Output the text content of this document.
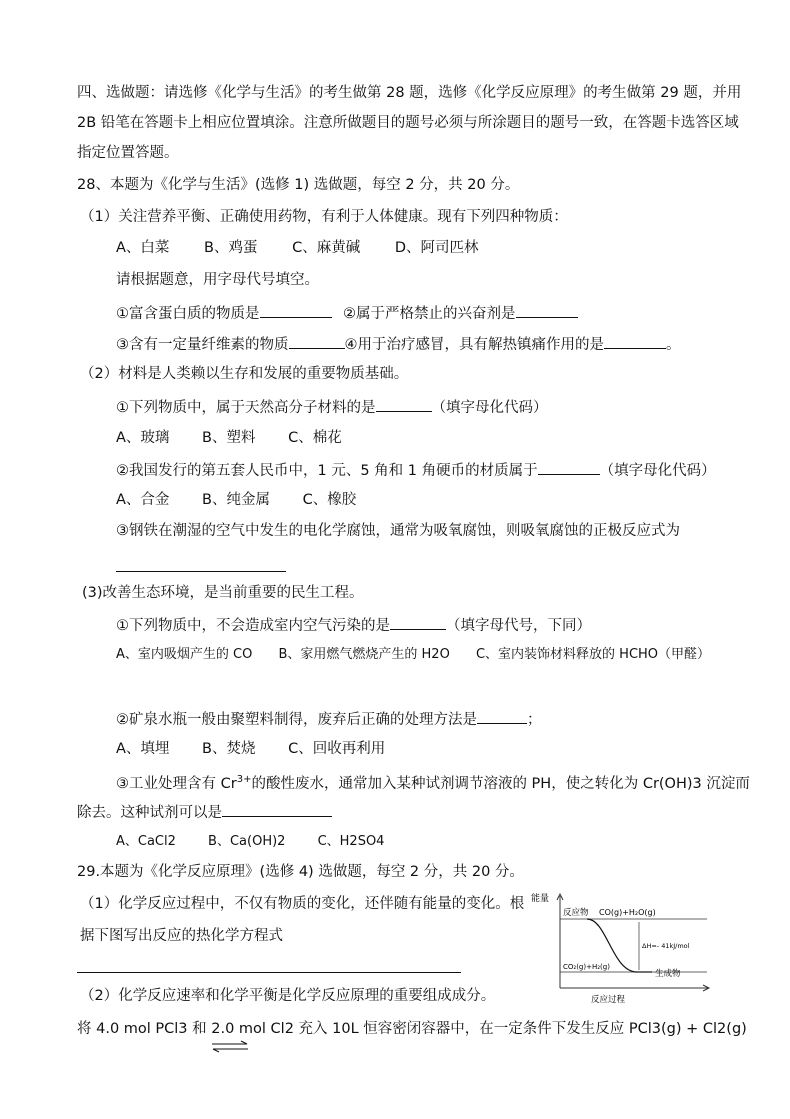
四、选做题：请选修《化学与生活》的考生做第 28 题，选修《化学反应原理》的考生做第 29 题，并用
2B 铅笔在答题卡上相应位置填涂。注意所做题目的题号必须与所涂题目的题号一致，在答题卡选答区域
指定位置答题。
28、本题为《化学与生活》(选修 1) 选做题，每空 2 分，共 20 分。
（1）关注营养平衡、正确使用药物，有利于人体健康。现有下列四种物质：
A、白菜 B、鸡蛋 C、麻黄碱 D、阿司匹林
请根据题意，用字母代号填空。
①富含蛋白质的物质是	②属于严格禁止的兴奋剂是
③含有一定量纤维素的物质	④用于治疗感冒，具有解热镇痛作用的是	。
（2）材料是人类赖以生存和发展的重要物质基础。
①下列物质中，属于天然高分子材料的是	（填字母化代码）
A、玻璃 B、塑料 C、棉花
②我国发行的第五套人民币中，1 元、5 角和 1 角硬币的材质属于	（填字母化代码）
A、合金 B、纯金属 C、橡胶
③钢铁在潮湿的空气中发生的电化学腐蚀，通常为吸氧腐蚀，则吸氧腐蚀的正极反应式为
(3)改善生态环境，是当前重要的民生工程。
①下列物质中，不会造成室内空气污染的是	（填字母代号，下同）
A、室内吸烟产生的 CO B、家用燃气燃烧产生的 H2O C、室内装饰材料释放的 HCHO（甲醛）
②矿泉水瓶一般由聚塑料制得，废弃后正确的处理方法是	；
A、填埋 B、焚烧 C、回收再利用
③工业处理含有 $Cr^{3+}$的酸性废水，通常加入某种试剂调节溶液的 PH，使之转化为 Cr(OH)3 沉淀而
除去。这种试剂可以是
A、CaCl2 B、Ca(OH)2 C、H2SO4
29.本题为《化学反应原理》(选修 4) 选做题，每空 2 分，共 20 分。
（1）化学反应过程中，不仅有物质的变化，还伴随有能量的变化。根
据下图写出反应的热化学方程式
（2）化学反应速率和化学平衡是化学反应原理的重要组成成分。
将 4.0 mol PCl3 和 2.0 mol Cl2 充入 10L 恒容密闭容器中，在一定条件下发生反应 PCl3(g) + Cl2(g)
能量
反应物 CO(g)+H₂O(g)
ΔH=- 41kJ/mol
CO₂(g)+H₂(g)
生成物
反应过程
